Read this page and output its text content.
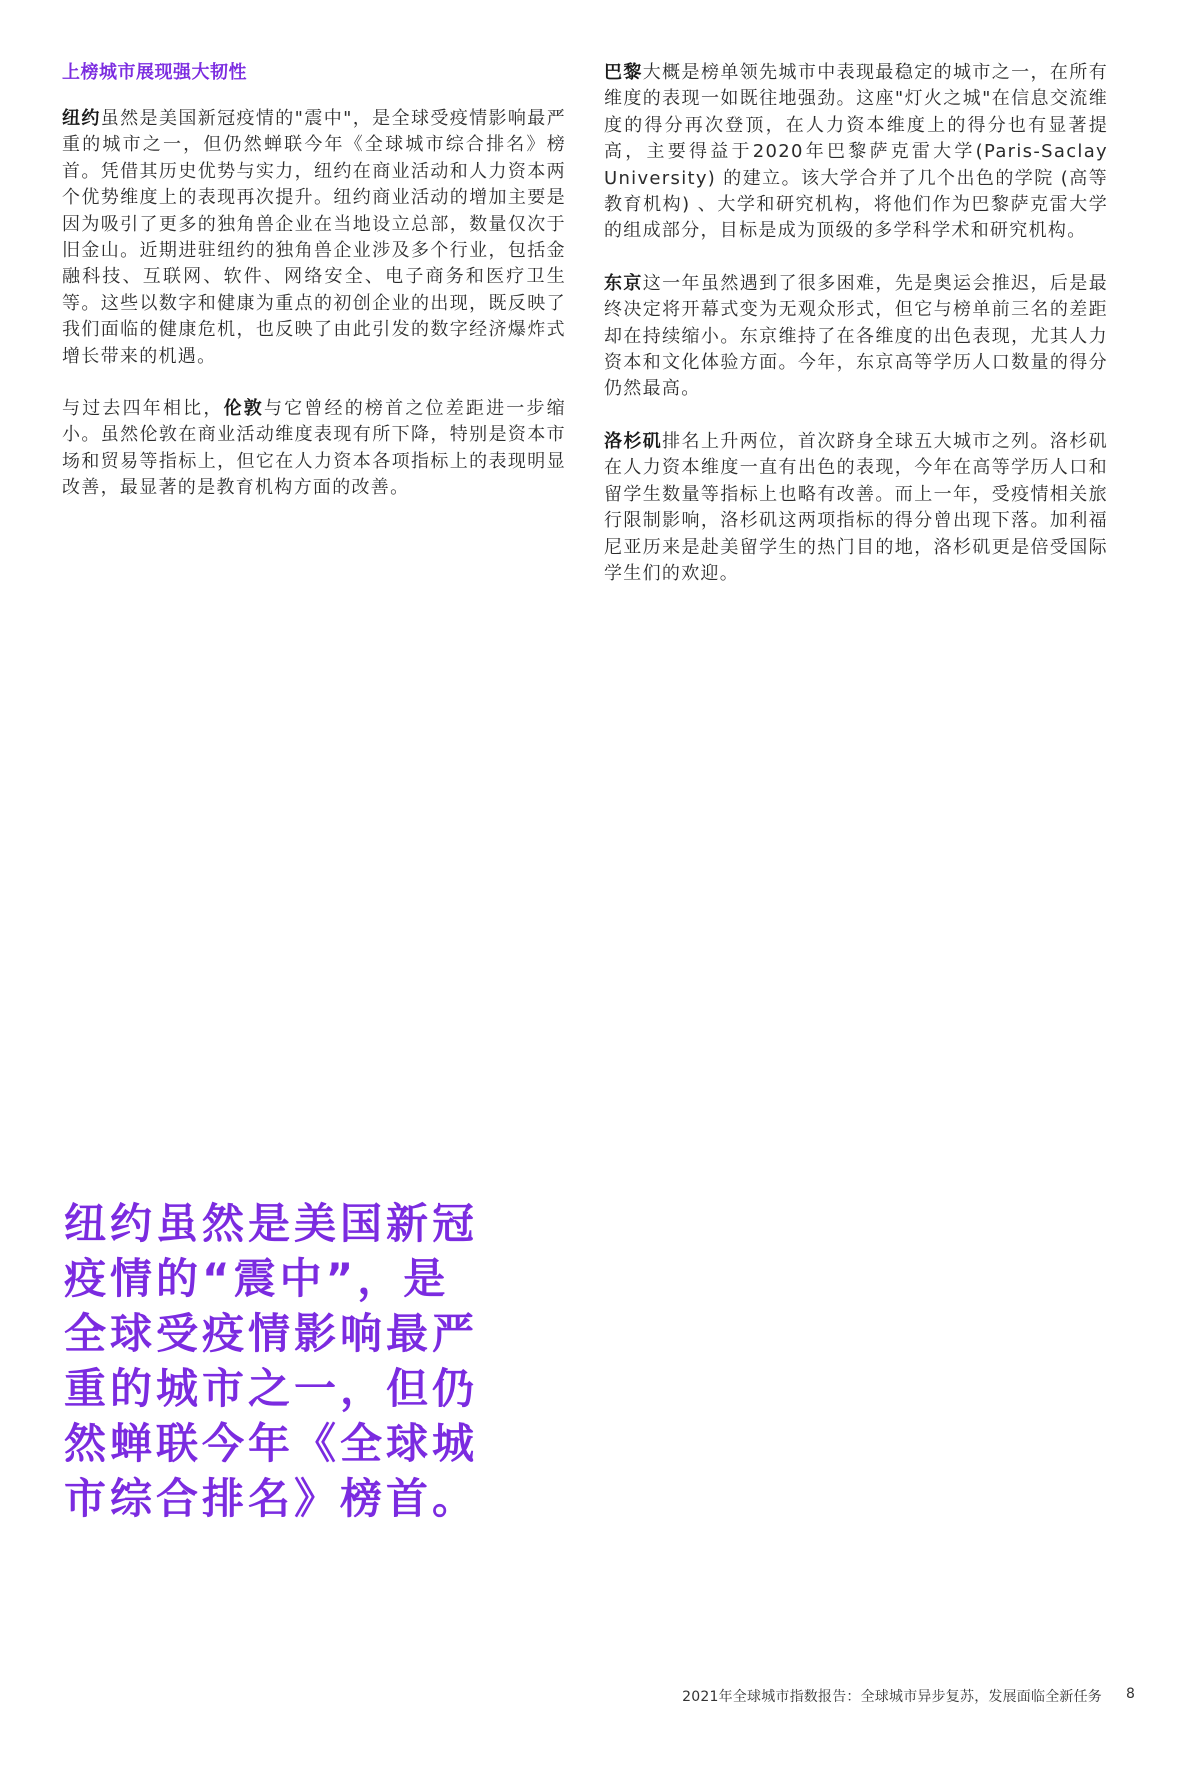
上榜城市展现强大韧性

纽约虽然是美国新冠疫情的"震中"，是全球受疫情影响最严重的城市之一，但仍然蝉联今年《全球城市综合排名》榜首。凭借其历史优势与实力，纽约在商业活动和人力资本两个优势维度上的表现再次提升。纽约商业活动的增加主要是因为吸引了更多的独角兽企业在当地设立总部，数量仅次于旧金山。近期进驻纽约的独角兽企业涉及多个行业，包括金融科技、互联网、软件、网络安全、电子商务和医疗卫生等。这些以数字和健康为重点的初创企业的出现，既反映了我们面临的健康危机，也反映了由此引发的数字经济爆炸式增长带来的机遇。

与过去四年相比，伦敦与它曾经的榜首之位差距进一步缩小。虽然伦敦在商业活动维度表现有所下降，特别是资本市场和贸易等指标上，但它在人力资本各项指标上的表现明显改善，最显著的是教育机构方面的改善。

巴黎大概是榜单领先城市中表现最稳定的城市之一，在所有维度的表现一如既往地强劲。这座"灯火之城"在信息交流维度的得分再次登顶，在人力资本维度上的得分也有显著提高，主要得益于2020年巴黎萨克雷大学(Paris-Saclay University) 的建立。该大学合并了几个出色的学院 (高等教育机构) 、大学和研究机构，将他们作为巴黎萨克雷大学的组成部分，目标是成为顶级的多学科学术和研究机构。

东京这一年虽然遇到了很多困难，先是奥运会推迟，后是最终决定将开幕式变为无观众形式，但它与榜单前三名的差距却在持续缩小。东京维持了在各维度的出色表现，尤其人力资本和文化体验方面。今年，东京高等学历人口数量的得分仍然最高。

洛杉矶排名上升两位，首次跻身全球五大城市之列。洛杉矶在人力资本维度一直有出色的表现，今年在高等学历人口和留学生数量等指标上也略有改善。而上一年，受疫情相关旅行限制影响，洛杉矶这两项指标的得分曾出现下落。加利福尼亚历来是赴美留学生的热门目的地，洛杉矶更是倍受国际学生们的欢迎。

纽约虽然是美国新冠疫情的“震中”，是全球受疫情影响最严重的城市之一，但仍然蝉联今年《全球城市综合排名》榜首。
2021年全球城市指数报告：全球城市异步复苏，发展面临全新任务 8
